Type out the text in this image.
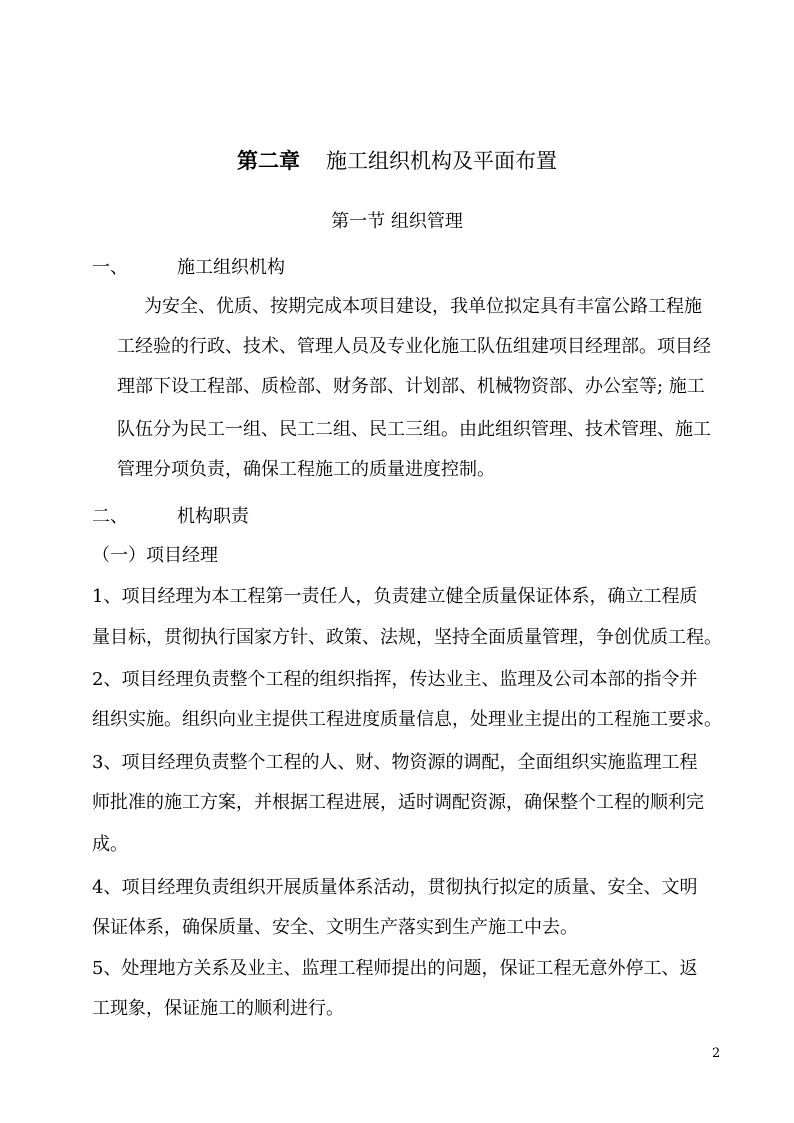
第二章 施工组织机构及平面布置
第一节 组织管理
一、	施工组织机构
为安全、优质、按期完成本项目建设，我单位拟定具有丰富公路工程施
工经验的行政、技术、管理人员及专业化施工队伍组建项目经理部。项目经
理部下设工程部、质检部、财务部、计划部、机械物资部、办公室等; 施工
队伍分为民工一组、民工二组、民工三组。由此组织管理、技术管理、施工
管理分项负责，确保工程施工的质量进度控制。
二、	机构职责
（一）项目经理
1、项目经理为本工程第一责任人，负责建立健全质量保证体系，确立工程质
量目标，贯彻执行国家方针、政策、法规，坚持全面质量管理，争创优质工程。
2、项目经理负责整个工程的组织指挥，传达业主、监理及公司本部的指令并
组织实施。组织向业主提供工程进度质量信息，处理业主提出的工程施工要求。
3、项目经理负责整个工程的人、财、物资源的调配，全面组织实施监理工程
师批准的施工方案，并根据工程进展，适时调配资源，确保整个工程的顺利完
成。
4、项目经理负责组织开展质量体系活动，贯彻执行拟定的质量、安全、文明
保证体系，确保质量、安全、文明生产落实到生产施工中去。
5、处理地方关系及业主、监理工程师提出的问题，保证工程无意外停工、返
工现象，保证施工的顺利进行。
2
